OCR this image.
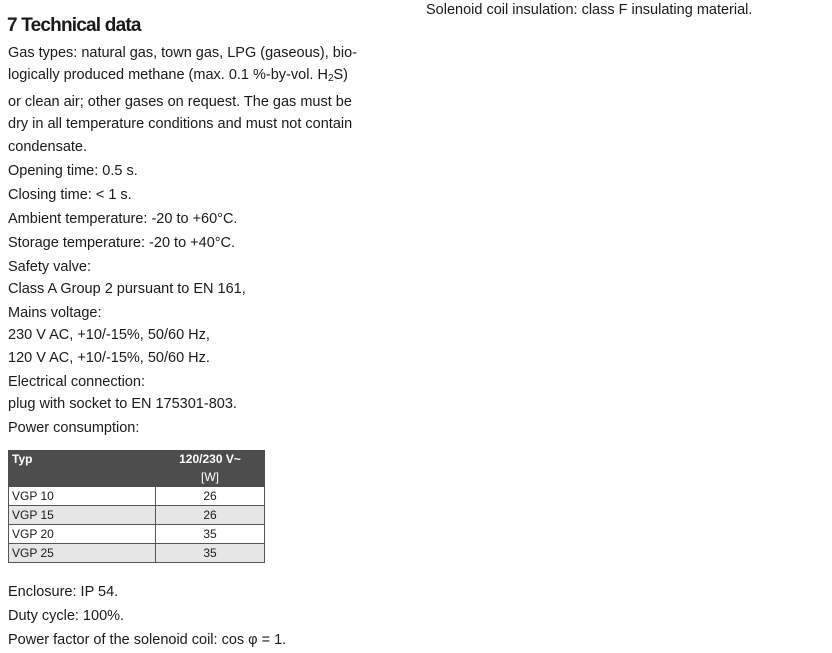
7 Technical data
Gas types: natural gas, town gas, LPG (gaseous), bio-
logically produced methane (max. 0.1 %-by-vol. $H_2S$)
or clean air; other gases on request. The gas must be
dry in all temperature conditions and must not contain
condensate.
Opening time: 0.5 s.
Closing time: < 1 s.
Ambient temperature: -20 to +60°C.
Storage temperature: -20 to +40°C.
Safety valve:
Class A Group 2 pursuant to EN 161,
Mains voltage:
230 V AC, +10/-15%, 50/60 Hz,
120 V AC, +10/-15%, 50/60 Hz.
Electrical connection:
plug with socket to EN 175301-803.
Power consumption:
Typ	120/230 V~
	[W]
VGP 10	26
VGP 15	26
VGP 20	35
VGP 25	35
Enclosure: IP 54.
Duty cycle: 100%.
Power factor of the solenoid coil: cos φ = 1.
Solenoid coil insulation: class F insulating material.
